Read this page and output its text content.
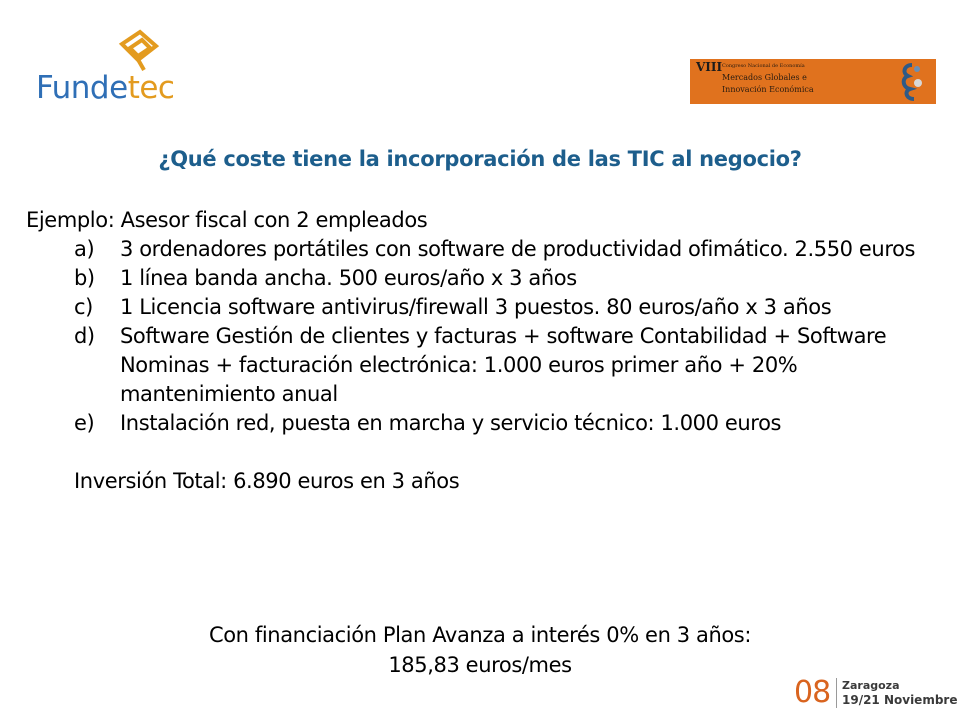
Fundetec
VIII Congreso Nacional de Economía
Mercados Globales e
Innovación Económica
¿Qué coste tiene la incorporación de las TIC al negocio?

Ejemplo: Asesor fiscal con 2 empleados

a) 3 ordenadores portátiles con software de productividad ofimático. 2.550 euros
b) 1 línea banda ancha. 500 euros/año x 3 años
c) 1 Licencia software antivirus/firewall 3 puestos. 80 euros/año x 3 años
d) Software Gestión de clientes y facturas + software Contabilidad + Software Nominas + facturación electrónica: 1.000 euros primer año + 20% mantenimiento anual
e) Instalación red, puesta en marcha y servicio técnico: 1.000 euros
Inversión Total: 6.890 euros en 3 años
Con financiación Plan Avanza a interés 0% en 3 años:
185,83 euros/mes
08 Zaragoza
19/21 Noviembre
